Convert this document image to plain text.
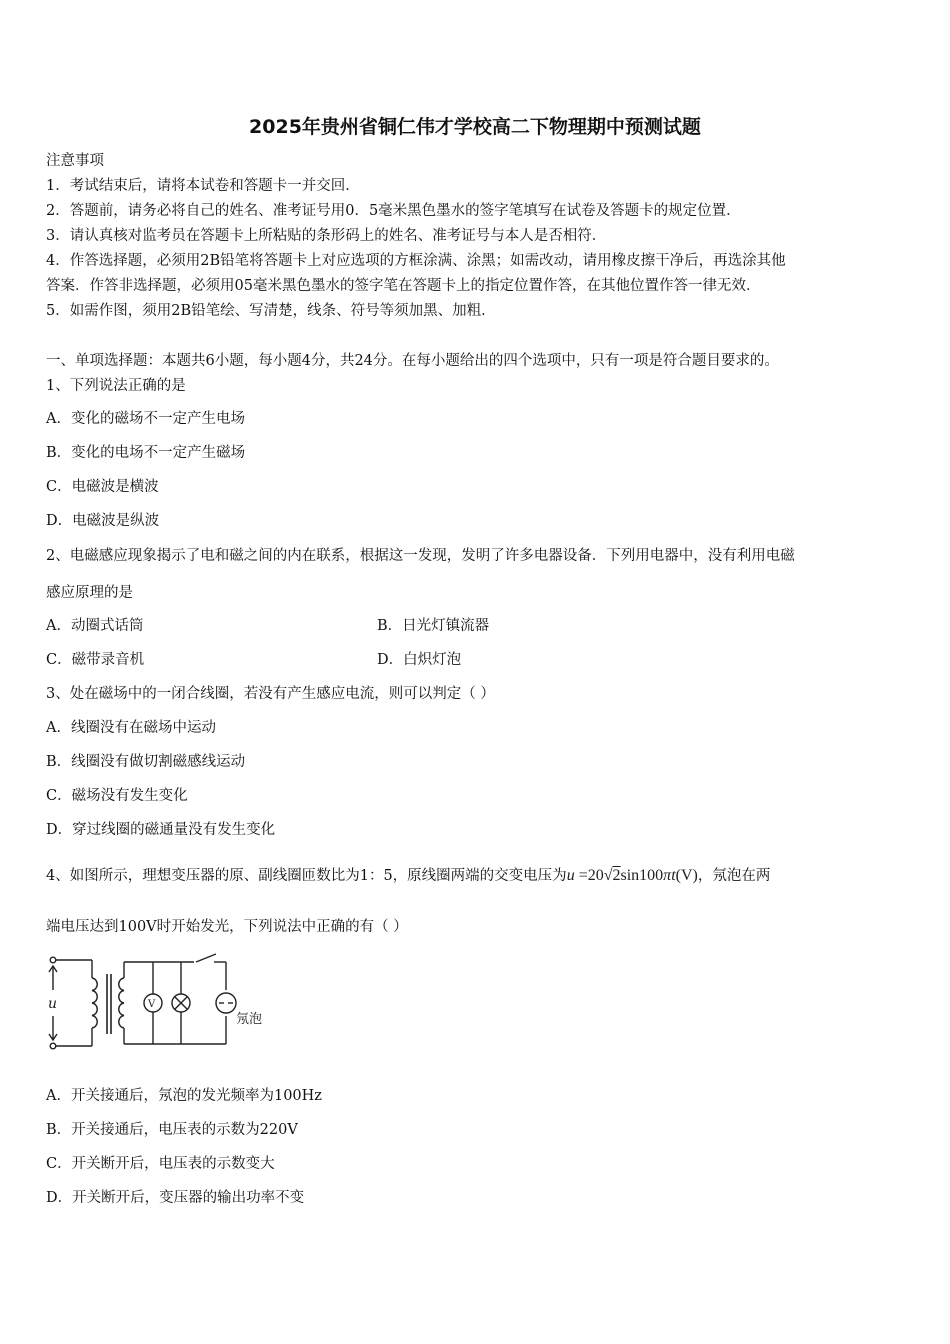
2025年贵州省铜仁伟才学校高二下物理期中预测试题
注意事项
1．考试结束后，请将本试卷和答题卡一并交回．
2．答题前，请务必将自己的姓名、准考证号用0．5毫米黑色墨水的签字笔填写在试卷及答题卡的规定位置．
3．请认真核对监考员在答题卡上所粘贴的条形码上的姓名、准考证号与本人是否相符．
4．作答选择题，必须用2B铅笔将答题卡上对应选项的方框涂满、涂黑；如需改动，请用橡皮擦干净后，再选涂其他
答案．作答非选择题，必须用05毫米黑色墨水的签字笔在答题卡上的指定位置作答，在其他位置作答一律无效．
5．如需作图，须用2B铅笔绘、写清楚，线条、符号等须加黑、加粗．
一、单项选择题：本题共6小题，每小题4分，共24分。在每小题给出的四个选项中，只有一项是符合题目要求的。
1、下列说法正确的是
A．变化的磁场不一定产生电场
B．变化的电场不一定产生磁场
C．电磁波是横波
D．电磁波是纵波
2、电磁感应现象揭示了电和磁之间的内在联系，根据这一发现，发明了许多电器设备．下列用电器中，没有利用电磁
感应原理的是
A．动圈式话筒	B．日光灯镇流器
C．磁带录音机	D．白炽灯泡
3、处在磁场中的一闭合线圈，若没有产生感应电流，则可以判定（ ）
A．线圈没有在磁场中运动
B．线圈没有做切割磁感线运动
C．磁场没有发生变化
D．穿过线圈的磁通量没有发生变化
4、如图所示，理想变压器的原、副线圈匝数比为1：5，原线圈两端的交变电压为u =20√2sin100πt(V)，氖泡在两
端电压达到100V时开始发光，下列说法中正确的有（ ）
u	V
氖泡
A．开关接通后，氖泡的发光频率为100Hz
B．开关接通后，电压表的示数为220V
C．开关断开后，电压表的示数变大
D．开关断开后，变压器的输出功率不变
